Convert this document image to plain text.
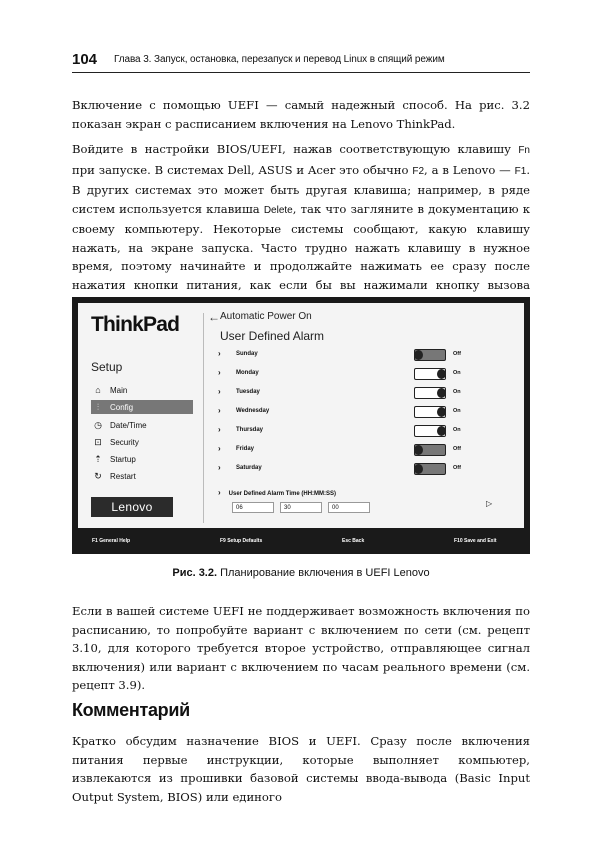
104 Глава 3. Запуск, остановка, перезапуск и перевод Linux в спящий режим

Включение с помощью UEFI — самый надежный способ. На рис. 3.2 показан экран с расписанием включения на Lenovo ThinkPad.

Войдите в настройки BIOS/UEFI, нажав соответствующую клавишу Fn при запуске. В системах Dell, ASUS и Acer это обычно F2, а в Lenovo — F1. В других системах это может быть другая клавиша; например, в ряде систем используется клавиша Delete, так что загляните в документацию к своему компьютеру. Некоторые системы сообщают, какую клавишу нажать, на экране запуска. Часто трудно нажать клавишу в нужное время, поэтому начинайте и продолжайте нажимать ее сразу после нажатия кнопки питания, как если бы вы нажимали кнопку вызова

ThinkPad
Setup
⌂ Main
⫶ Config
◷ Date/Time
⊡ Security
⇡ Startup
↻ Restart
Lenovo
← Automatic Power On
User Defined Alarm
›	Sunday	Off
›	Monday	On
›	Tuesday	On
›	Wednesday	On
›	Thursday	On
›	Friday	Off
›	Saturday	Off
› User Defined Alarm Time (HH:MM:SS)
06	30	00	▷
F1 General Help	F9 Setup Defaults	Esc Back	F10 Save and Exit
Рис. 3.2. Планирование включения в UEFI Lenovo

Если в вашей системе UEFI не поддерживает возможность включения по расписанию, то попробуйте вариант с включением по сети (см. рецепт 3.10, для которого требуется второе устройство, отправляющее сигнал включения) или вариант с включением по часам реального времени (см. рецепт 3.9).

Комментарий

Кратко обсудим назначение BIOS и UEFI. Сразу после включения питания первые инструкции, которые выполняет компьютер, извлекаются из прошивки базовой системы ввода-вывода (Basic Input Output System, BIOS) или единого
